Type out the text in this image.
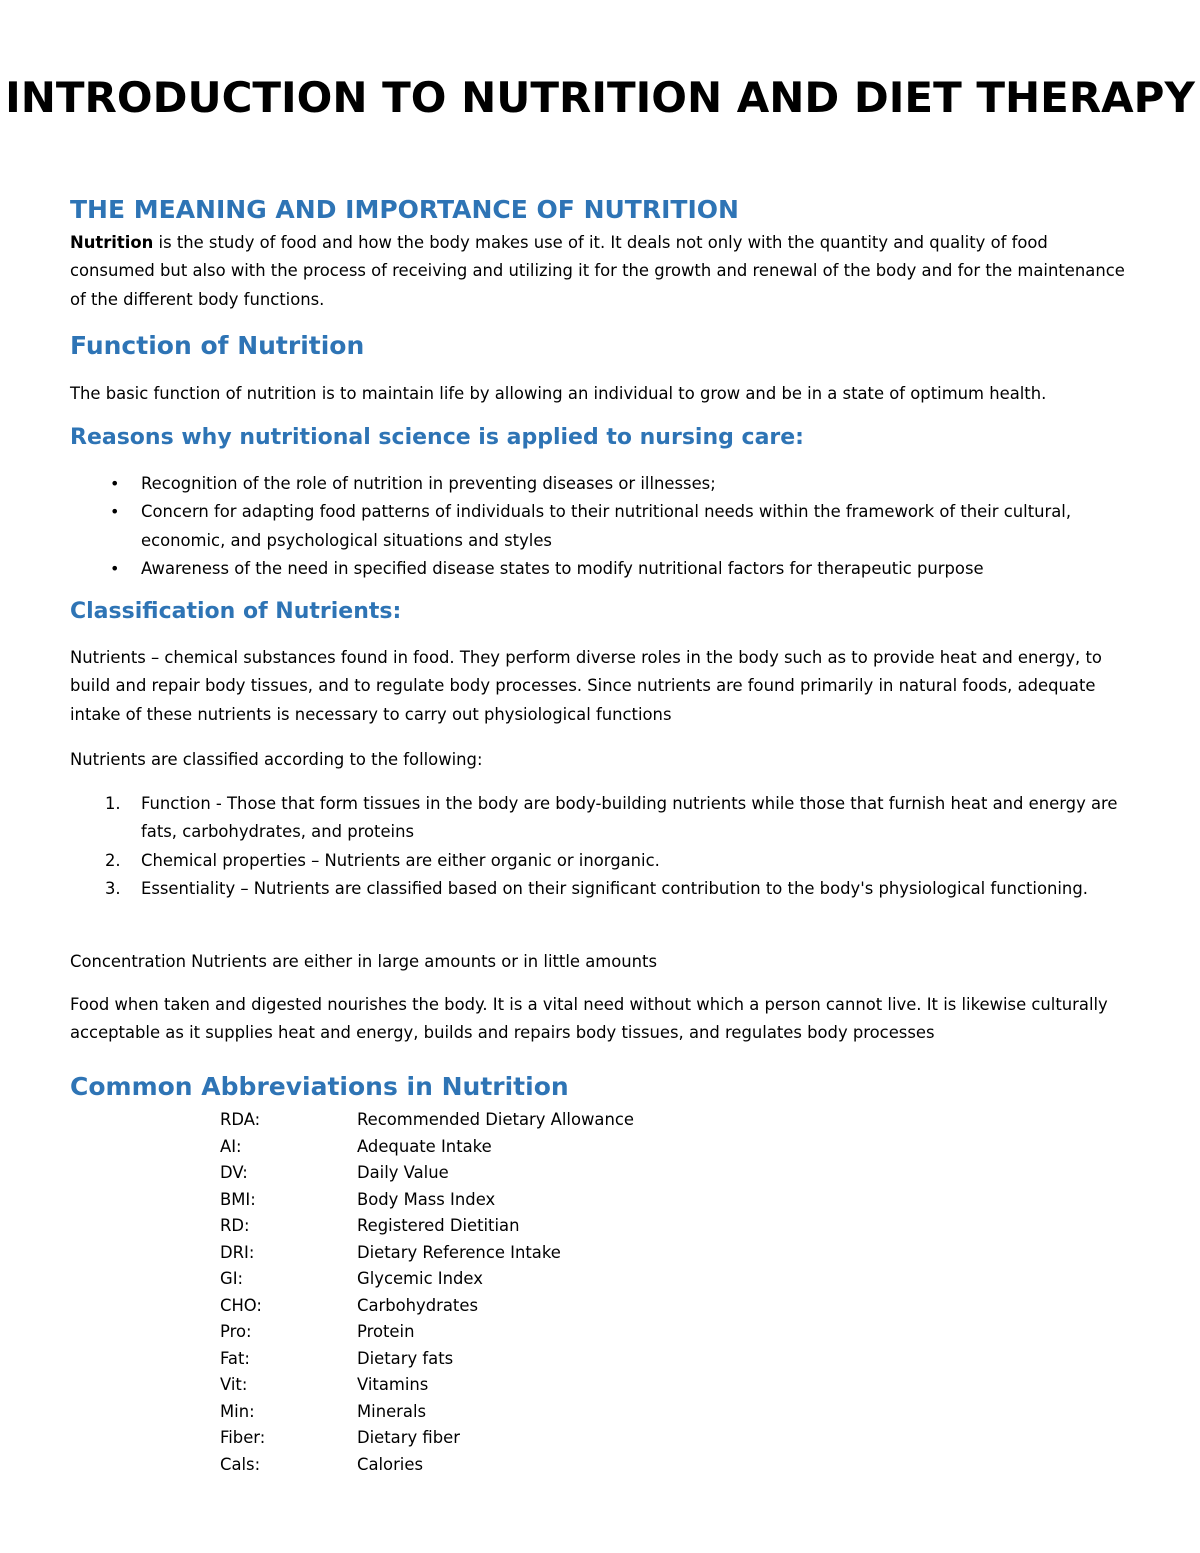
INTRODUCTION TO NUTRITION AND DIET THERAPY
THE MEANING AND IMPORTANCE OF NUTRITION

Nutrition is the study of food and how the body makes use of it. It deals not only with the quantity and quality of food consumed but also with the process of receiving and utilizing it for the growth and renewal of the body and for the maintenance of the different body functions.

Function of Nutrition

The basic function of nutrition is to maintain life by allowing an individual to grow and be in a state of optimum health.

Reasons why nutritional science is applied to nursing care:
• Recognition of the role of nutrition in preventing diseases or illnesses;
• Concern for adapting food patterns of individuals to their nutritional needs within the framework of their cultural, economic, and psychological situations and styles
• Awareness of the need in specified disease states to modify nutritional factors for therapeutic purpose
Classification of Nutrients:

Nutrients – chemical substances found in food. They perform diverse roles in the body such as to provide heat and energy, to build and repair body tissues, and to regulate body processes. Since nutrients are found primarily in natural foods, adequate intake of these nutrients is necessary to carry out physiological functions

Nutrients are classified according to the following:

1.	Function - Those that form tissues in the body are body-building nutrients while those that furnish heat and energy are fats, carbohydrates, and proteins
2.	Chemical properties – Nutrients are either organic or inorganic.
3.	Essentiality – Nutrients are classified based on their significant contribution to the body's physiological functioning.

Concentration Nutrients are either in large amounts or in little amounts

Food when taken and digested nourishes the body. It is a vital need without which a person cannot live. It is likewise culturally acceptable as it supplies heat and energy, builds and repairs body tissues, and regulates body processes

Common Abbreviations in Nutrition
RDA:	Recommended Dietary Allowance
AI:	Adequate Intake
DV:	Daily Value
BMI:	Body Mass Index
RD:	Registered Dietitian
DRI:	Dietary Reference Intake
GI:	Glycemic Index
CHO:	Carbohydrates
Pro:	Protein
Fat:	Dietary fats
Vit:	Vitamins
Min:	Minerals
Fiber:	Dietary fiber
Cals:	Calories
